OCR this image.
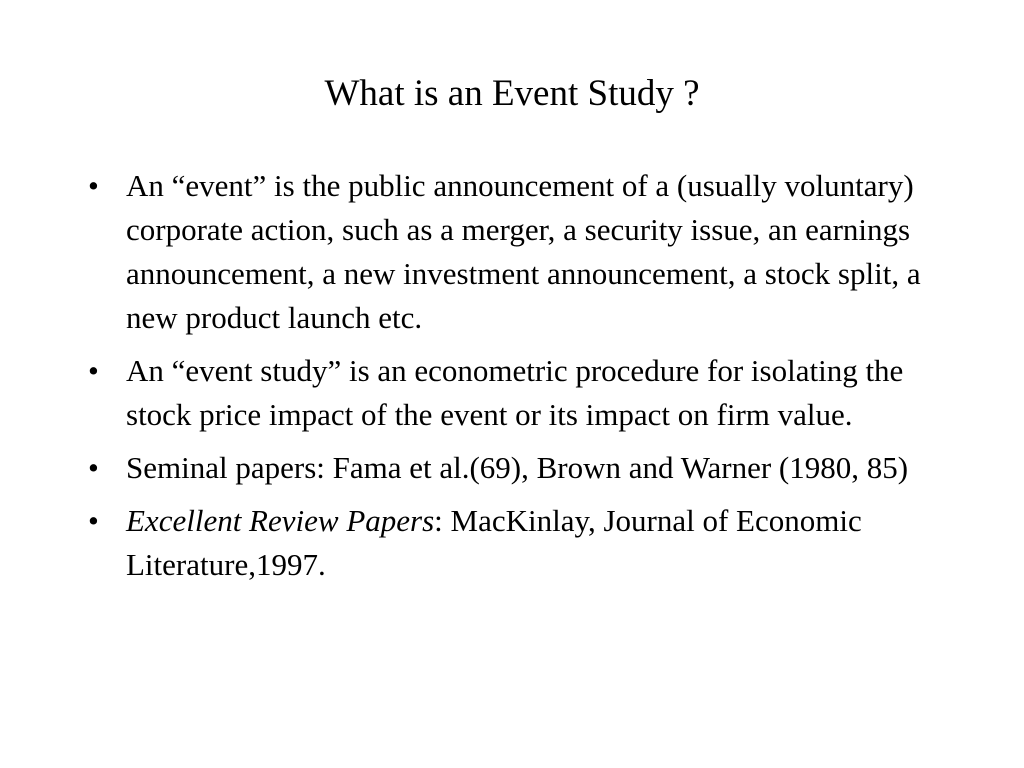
What is an Event Study ?
• An “event” is the public announcement of a (usually voluntary) corporate action, such as a merger, a security issue, an earnings announcement, a new investment announcement, a stock split, a new product launch etc.
• An “event study” is an econometric procedure for isolating the stock price impact of the event or its impact on firm value.
• Seminal papers: Fama et al.(69), Brown and Warner (1980, 85)
• Excellent Review Papers: MacKinlay, Journal of Economic Literature,1997.
